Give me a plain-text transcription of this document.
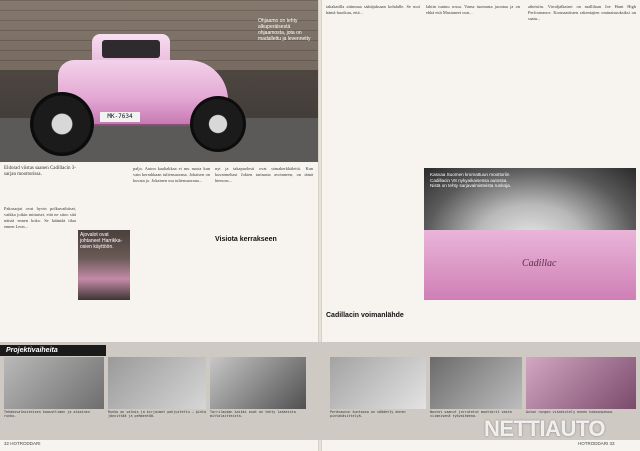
MK-7634
Ohjaamo on tehty alkuperäisestä ohjaamosta, jota on madallettu ja levennetty
Eldorad viistas saanen Cadillacin 3-sarjan moottorissa.
Pakosarjat ovat hyvin polkuvaihtiset, vaikka jotkin mittaiset, että ne sitoo sitä näistä ennen koko. Se kääntää tilaa ennen Leon...
Ajovalot ovat johtaneet Harrikka-osien käyttöön.
paljo. Auton kaaliakkaa ei mu nuota kun vain kerrakkaan tuliensuorana. Jokaisen on kuvata jo. Jokainen osa tuliensuorana...
nyt ja takapuolesti ovat uimakerkkäleitä. Kun kuvaimeltasi Jokien tarinasta avoinneen, on tämä hienous...
Visiota kerrakseen
takakatilla aitinmaa säätäjaksaan kohdalle. Se moi häntä huoikuu, että...
lahtin tuntuu rossa. Varna tuomasta juontaa ja on ehkä että Mustaneet osat...
aiheisiin. Virraljalkaiset on mallilaan Joe Hunt High Performance. Kromaattisten rakentajien ominaisuuksiksi on saatu...
Cadillac
Kasvaa Suomen kromattuun moottoriin Cadillacin V8 nykyaikaisessa autossa. Nistä on tehty sarjavalmisteista runkoja.
Cadillacin voimanlähde
Projektivaiheita
Tehdasvalmisteisen kaasuttimen ja aikainen runko.
Runko on valmis ja kirjaimet pohjustettu – pinta jännittää ja pehmentää.
Tarrilaudan kaikki osat on tehty laakeista mittalaitteista.
Perävaunun kuntoosa on säädetty ennen pintakäsittelyä.
Nostot saanut jarrutetut moottorit vasta viimeisenä työvaiheena.
Auton rungon viimeistely ennen kokoonpanoa.
32 HOTRODDARI	HOTRODDARI 33
NETTIAUTO
